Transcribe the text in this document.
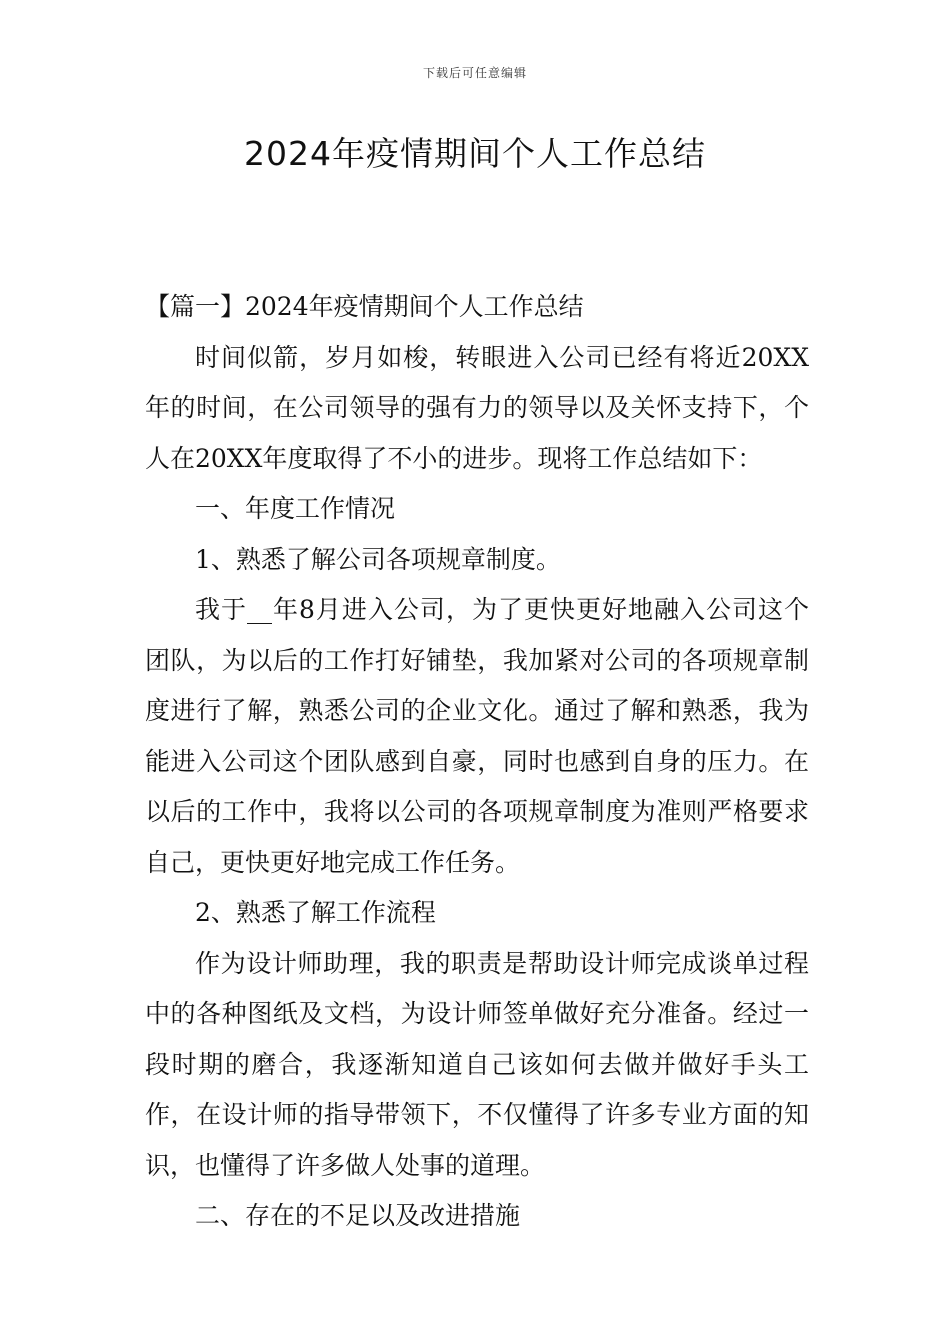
下载后可任意编辑
2024年疫情期间个人工作总结

【篇一】2024年疫情期间个人工作总结

时间似箭，岁月如梭，转眼进入公司已经有将近20XX年的时间，在公司领导的强有力的领导以及关怀支持下，个人在20XX年度取得了不小的进步。现将工作总结如下：

一、年度工作情况

1、熟悉了解公司各项规章制度。

我于__年8月进入公司，为了更快更好地融入公司这个团队，为以后的工作打好铺垫，我加紧对公司的各项规章制度进行了解，熟悉公司的企业文化。通过了解和熟悉，我为能进入公司这个团队感到自豪，同时也感到自身的压力。在以后的工作中，我将以公司的各项规章制度为准则严格要求自己，更快更好地完成工作任务。

2、熟悉了解工作流程

作为设计师助理，我的职责是帮助设计师完成谈单过程中的各种图纸及文档，为设计师签单做好充分准备。经过一段时期的磨合，我逐渐知道自己该如何去做并做好手头工作，在设计师的指导带领下，不仅懂得了许多专业方面的知识，也懂得了许多做人处事的道理。

二、存在的不足以及改进措施
